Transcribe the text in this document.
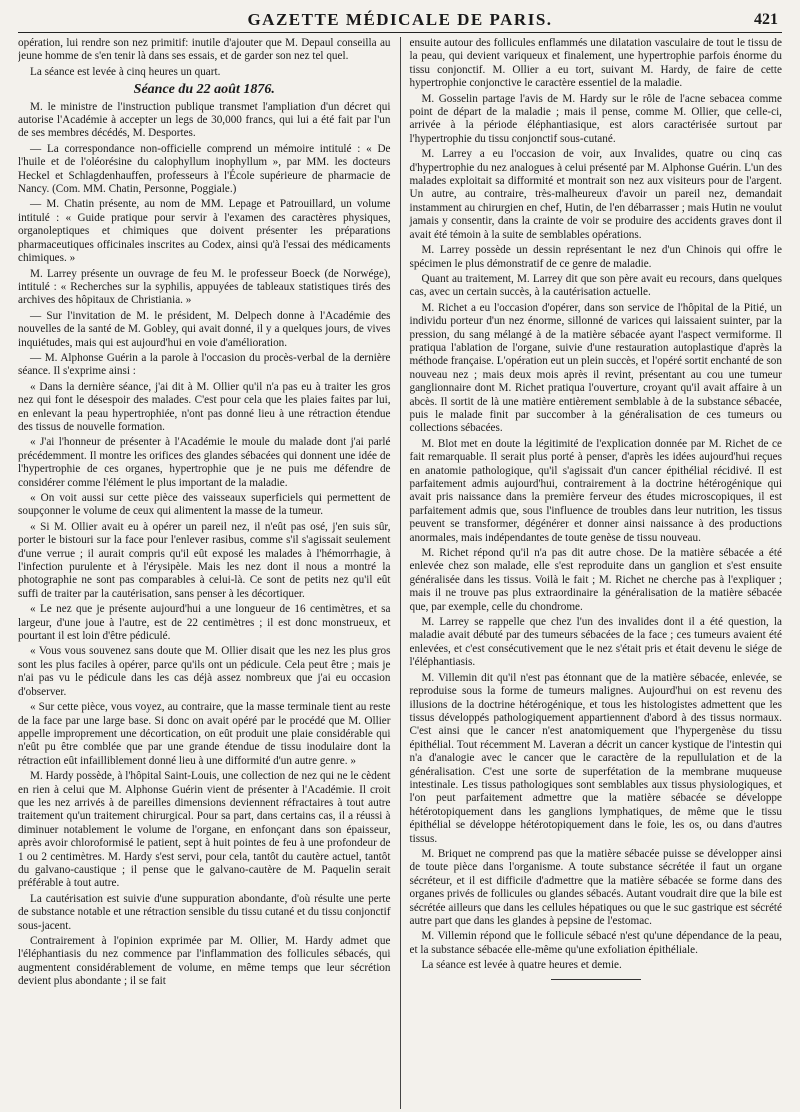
GAZETTE MÉDICALE DE PARIS.	421

opération, lui rendre son nez primitif: inutile d'ajouter que M. Depaul conseilla au jeune homme de s'en tenir là dans ses essais, et de garder son nez tel quel.

La séance est levée à cinq heures un quart.

Séance du 22 août 1876.

M. le ministre de l'instruction publique transmet l'ampliation d'un décret qui autorise l'Académie à accepter un legs de 30,000 francs, qui lui a été fait par l'un de ses membres décédés, M. Desportes.

— La correspondance non-officielle comprend un mémoire intitulé : « De l'huile et de l'oléorésine du calophyllum inophyllum », par MM. les docteurs Heckel et Schlagdenhauffen, professeurs à l'École supérieure de pharmacie de Nancy. (Com. MM. Chatin, Personne, Poggiale.)

— M. Chatin présente, au nom de MM. Lepage et Patrouillard, un volume intitulé : « Guide pratique pour servir à l'examen des caractères physiques, organoleptiques et chimiques que doivent présenter les préparations pharmaceutiques officinales inscrites au Codex, ainsi qu'à l'essai des médicaments chimiques. »

M. Larrey présente un ouvrage de feu M. le professeur Boeck (de Norwége), intitulé : « Recherches sur la syphilis, appuyées de tableaux statistiques tirés des archives des hôpitaux de Christiania. »

— Sur l'invitation de M. le président, M. Delpech donne à l'Académie des nouvelles de la santé de M. Gobley, qui avait donné, il y a quelques jours, de vives inquiétudes, mais qui est aujourd'hui en voie d'amélioration.

— M. Alphonse Guérin a la parole à l'occasion du procès-verbal de la dernière séance. Il s'exprime ainsi :

« Dans la dernière séance, j'ai dit à M. Ollier qu'il n'a pas eu à traiter les gros nez qui font le désespoir des malades. C'est pour cela que les plaies faites par lui, en enlevant la peau hypertrophiée, n'ont pas donné lieu à une rétraction étendue des tissus de nouvelle formation.

« J'ai l'honneur de présenter à l'Académie le moule du malade dont j'ai parlé précédemment. Il montre les orifices des glandes sébacées qui donnent une idée de l'hypertrophie de ces organes, hypertrophie que je ne puis me défendre de considérer comme l'élément le plus important de la maladie.

« On voit aussi sur cette pièce des vaisseaux superficiels qui permettent de soupçonner le volume de ceux qui alimentent la masse de la tumeur.

« Si M. Ollier avait eu à opérer un pareil nez, il n'eût pas osé, j'en suis sûr, porter le bistouri sur la face pour l'enlever rasibus, comme s'il s'agissait seulement d'une verrue ; il aurait compris qu'il eût exposé les malades à l'hémorrhagie, à l'infection purulente et à l'érysipèle. Mais les nez dont il nous a montré la photographie ne sont pas comparables à celui-là. Ce sont de petits nez qu'il eût suffi de traiter par la cautérisation, sans penser à les décortiquer.

« Le nez que je présente aujourd'hui a une longueur de 16 centimètres, et sa largeur, d'une joue à l'autre, est de 22 centimètres ; il est donc monstrueux, et pourtant il est loin d'être pédiculé.

« Vous vous souvenez sans doute que M. Ollier disait que les nez les plus gros sont les plus faciles à opérer, parce qu'ils ont un pédicule. Cela peut être ; mais je n'ai pas vu le pédicule dans les cas déjà assez nombreux que j'ai eu occasion d'observer.

« Sur cette pièce, vous voyez, au contraire, que la masse terminale tient au reste de la face par une large base. Si donc on avait opéré par le procédé que M. Ollier appelle improprement une décortication, on eût produit une plaie considérable qui n'eût pu être comblée que par une grande étendue de tissu inodulaire dont la rétraction eût infailliblement donné lieu à une difformité d'un autre genre. »

M. Hardy possède, à l'hôpital Saint-Louis, une collection de nez qui ne le cèdent en rien à celui que M. Alphonse Guérin vient de présenter à l'Académie. Il croit que les nez arrivés à de pareilles dimensions deviennent réfractaires à tout autre traitement qu'un traitement chirurgical. Pour sa part, dans certains cas, il a réussi à diminuer notablement le volume de l'organe, en enfonçant dans son épaisseur, après avoir chloroformisé le patient, sept à huit pointes de feu à une profondeur de 1 ou 2 centimètres. M. Hardy s'est servi, pour cela, tantôt du cautère actuel, tantôt du galvano-caustique ; il pense que le galvano-cautère de M. Paquelin serait préférable à tout autre.

La cautérisation est suivie d'une suppuration abondante, d'où résulte une perte de substance notable et une rétraction sensible du tissu cutané et du tissu conjonctif sous-jacent.

Contrairement à l'opinion exprimée par M. Ollier, M. Hardy admet que l'éléphantiasis du nez commence par l'inflammation des follicules sébacés, qui augmentent considérablement de volume, en même temps que leur sécrétion devient plus abondante ; il se fait

ensuite autour des follicules enflammés une dilatation vasculaire de tout le tissu de la peau, qui devient variqueux et finalement, une hypertrophie parfois énorme du tissu conjonctif. M. Ollier a eu tort, suivant M. Hardy, de faire de cette hypertrophie conjonctive le caractère essentiel de la maladie.

M. Gosselin partage l'avis de M. Hardy sur le rôle de l'acne sebacea comme point de départ de la maladie ; mais il pense, comme M. Ollier, que celle-ci, arrivée à la période éléphantiasique, est alors caractérisée surtout par l'hypertrophie du tissu conjonctif sous-cutané.

M. Larrey a eu l'occasion de voir, aux Invalides, quatre ou cinq cas d'hypertrophie du nez analogues à celui présenté par M. Alphonse Guérin. L'un des malades exploitait sa difformité et montrait son nez aux visiteurs pour de l'argent. Un autre, au contraire, très-malheureux d'avoir un pareil nez, demandait instamment au chirurgien en chef, Hutin, de l'en débarrasser ; mais Hutin ne voulut jamais y consentir, dans la crainte de voir se produire des accidents graves dont il avait été témoin à la suite de semblables opérations.

M. Larrey possède un dessin représentant le nez d'un Chinois qui offre le spécimen le plus démonstratif de ce genre de maladie.

Quant au traitement, M. Larrey dit que son père avait eu recours, dans quelques cas, avec un certain succès, à la cautérisation actuelle.

M. Richet a eu l'occasion d'opérer, dans son service de l'hôpital de la Pitié, un individu porteur d'un nez énorme, sillonné de varices qui laissaient suinter, par la pression, du sang mélangé à de la matière sébacée ayant l'aspect vermiforme. Il pratiqua l'ablation de l'organe, suivie d'une restauration autoplastique d'après la méthode française. L'opération eut un plein succès, et l'opéré sortit enchanté de son nouveau nez ; mais deux mois après il revint, présentant au cou une tumeur ganglionnaire dont M. Richet pratiqua l'ouverture, croyant qu'il avait affaire à un abcès. Il sortit de là une matière entièrement semblable à de la substance sébacée, puis le malade finit par succomber à la généralisation de ces tumeurs ou collections sébacées.

M. Blot met en doute la légitimité de l'explication donnée par M. Richet de ce fait remarquable. Il serait plus porté à penser, d'après les idées aujourd'hui reçues en anatomie pathologique, qu'il s'agissait d'un cancer épithélial récidivé. Il est parfaitement admis aujourd'hui, contrairement à la doctrine hétérogénique qui avait pris naissance dans la première ferveur des études microscopiques, il est parfaitement admis que, sous l'influence de troubles dans leur nutrition, les tissus peuvent se transformer, dégénérer et donner ainsi naissance à des productions anormales, mais indépendantes de toute genèse de tissu nouveau.

M. Richet répond qu'il n'a pas dit autre chose. De la matière sébacée a été enlevée chez son malade, elle s'est reproduite dans un ganglion et s'est ensuite généralisée dans les tissus. Voilà le fait ; M. Richet ne cherche pas à l'expliquer ; mais il ne trouve pas plus extraordinaire la généralisation de la matière sébacée que, par exemple, celle du chondrome.

M. Larrey se rappelle que chez l'un des invalides dont il a été question, la maladie avait débuté par des tumeurs sébacées de la face ; ces tumeurs avaient été enlevées, et c'est consécutivement que le nez s'était pris et était devenu le siége de l'éléphantiasis.

M. Villemin dit qu'il n'est pas étonnant que de la matière sébacée, enlevée, se reproduise sous la forme de tumeurs malignes. Aujourd'hui on est revenu des illusions de la doctrine hétérogénique, et tous les histologistes admettent que les tissus développés pathologiquement appartiennent d'abord à des tissus normaux. C'est ainsi que le cancer n'est anatomiquement que l'hypergenèse du tissu épithélial. Tout récemment M. Laveran a décrit un cancer kystique de l'intestin qui n'a d'analogie avec le cancer que le caractère de la repullulation et de la généralisation. C'est une sorte de superfétation de la membrane muqueuse intestinale. Les tissus pathologiques sont semblables aux tissus physiologiques, et l'on peut parfaitement admettre que la matière sébacée se développe hétérotopiquement dans les ganglions lymphatiques, de même que le tissu épithélial se développe hétérotopiquement dans le foie, les os, ou dans d'autres tissus.

M. Briquet ne comprend pas que la matière sébacée puisse se développer ainsi de toute pièce dans l'organisme. A toute substance sécrétée il faut un organe sécréteur, et il est difficile d'admettre que la matière sébacée se forme dans des organes privés de follicules ou glandes sébacés. Autant voudrait dire que la bile est sécrétée ailleurs que dans les cellules hépatiques ou que le suc gastrique est sécrété autre part que dans les glandes à pepsine de l'estomac.

M. Villemin répond que le follicule sébacé n'est qu'une dépendance de la peau, et la substance sébacée elle-même qu'une exfoliation épithéliale.

La séance est levée à quatre heures et demie.
